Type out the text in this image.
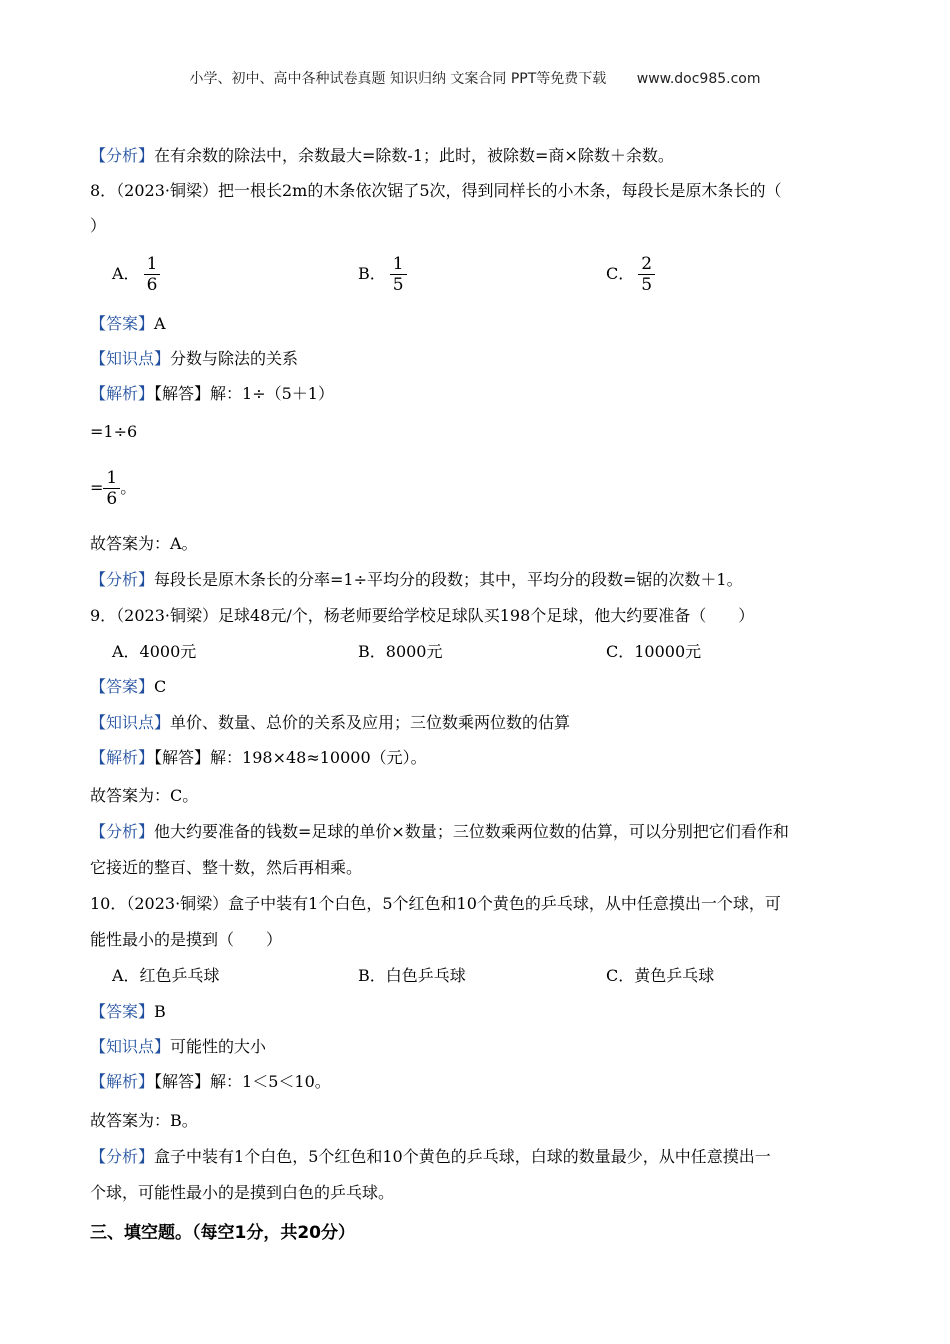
小学、初中、高中各种试卷真题 知识归纳 文案合同 PPT等免费下载 www.doc985.com
【分析】在有余数的除法中，余数最大=除数-1；此时，被除数=商×除数＋余数。
8．（2023·铜梁）把一根长2m的木条依次锯了5次，得到同样长的小木条，每段长是原木条长的（
）
A． $\frac{1}{6}$	B． $\frac{1}{5}$	C． $\frac{2}{5}$
【答案】A
【知识点】分数与除法的关系
【解析】【解答】解：1÷（5＋1）
=1÷6
= $\frac{1}{6}$ 。
故答案为：A。
【分析】每段长是原木条长的分率=1÷平均分的段数；其中，平均分的段数=锯的次数＋1。
9．（2023·铜梁）足球48元/个，杨老师要给学校足球队买198个足球，他大约要准备（　　）
A．4000元	B．8000元	C．10000元
【答案】C
【知识点】单价、数量、总价的关系及应用；三位数乘两位数的估算
【解析】【解答】解：198×48≈10000（元）。
故答案为：C。
【分析】他大约要准备的钱数=足球的单价×数量；三位数乘两位数的估算，可以分别把它们看作和
它接近的整百、整十数，然后再相乘。
10．（2023·铜梁）盒子中装有1个白色，5个红色和10个黄色的乒乓球，从中任意摸出一个球，可
能性最小的是摸到（　　）
A．红色乒乓球	B．白色乒乓球	C．黄色乒乓球
【答案】B
【知识点】可能性的大小
【解析】【解答】解：1＜5＜10。
故答案为：B。
【分析】盒子中装有1个白色，5个红色和10个黄色的乒乓球，白球的数量最少，从中任意摸出一
个球，可能性最小的是摸到白色的乒乓球。
三、填空题。（每空1分，共20分）
